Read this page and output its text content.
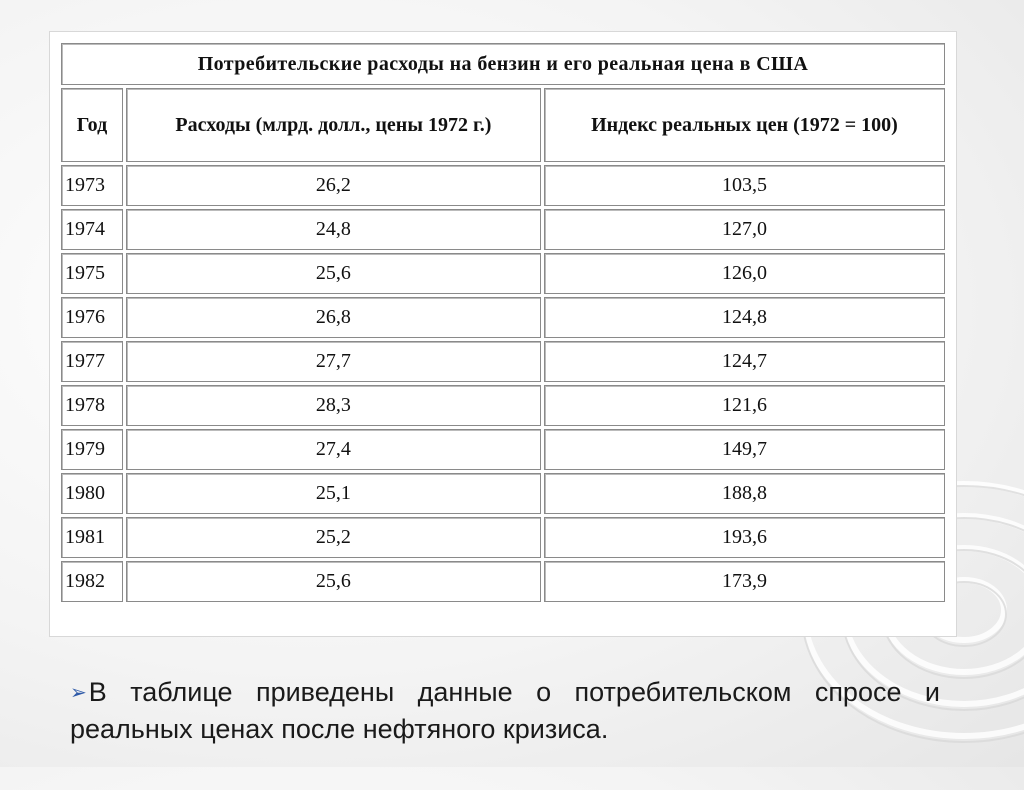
Потребительские расходы на бензин и его реальная цена в США		
Год	Расходы (млрд. долл., цены 1972 г.)	Индекс реальных цен (1972 = 100)
1973	26,2	103,5
1974	24,8	127,0
1975	25,6	126,0
1976	26,8	124,8
1977	27,7	124,7
1978	28,3	121,6
1979	27,4	149,7
1980	25,1	188,8
1981	25,2	193,6
1982	25,6	173,9
➢В таблице приведены данные о потребительском спросе и реальных ценах после нефтяного кризиса.
